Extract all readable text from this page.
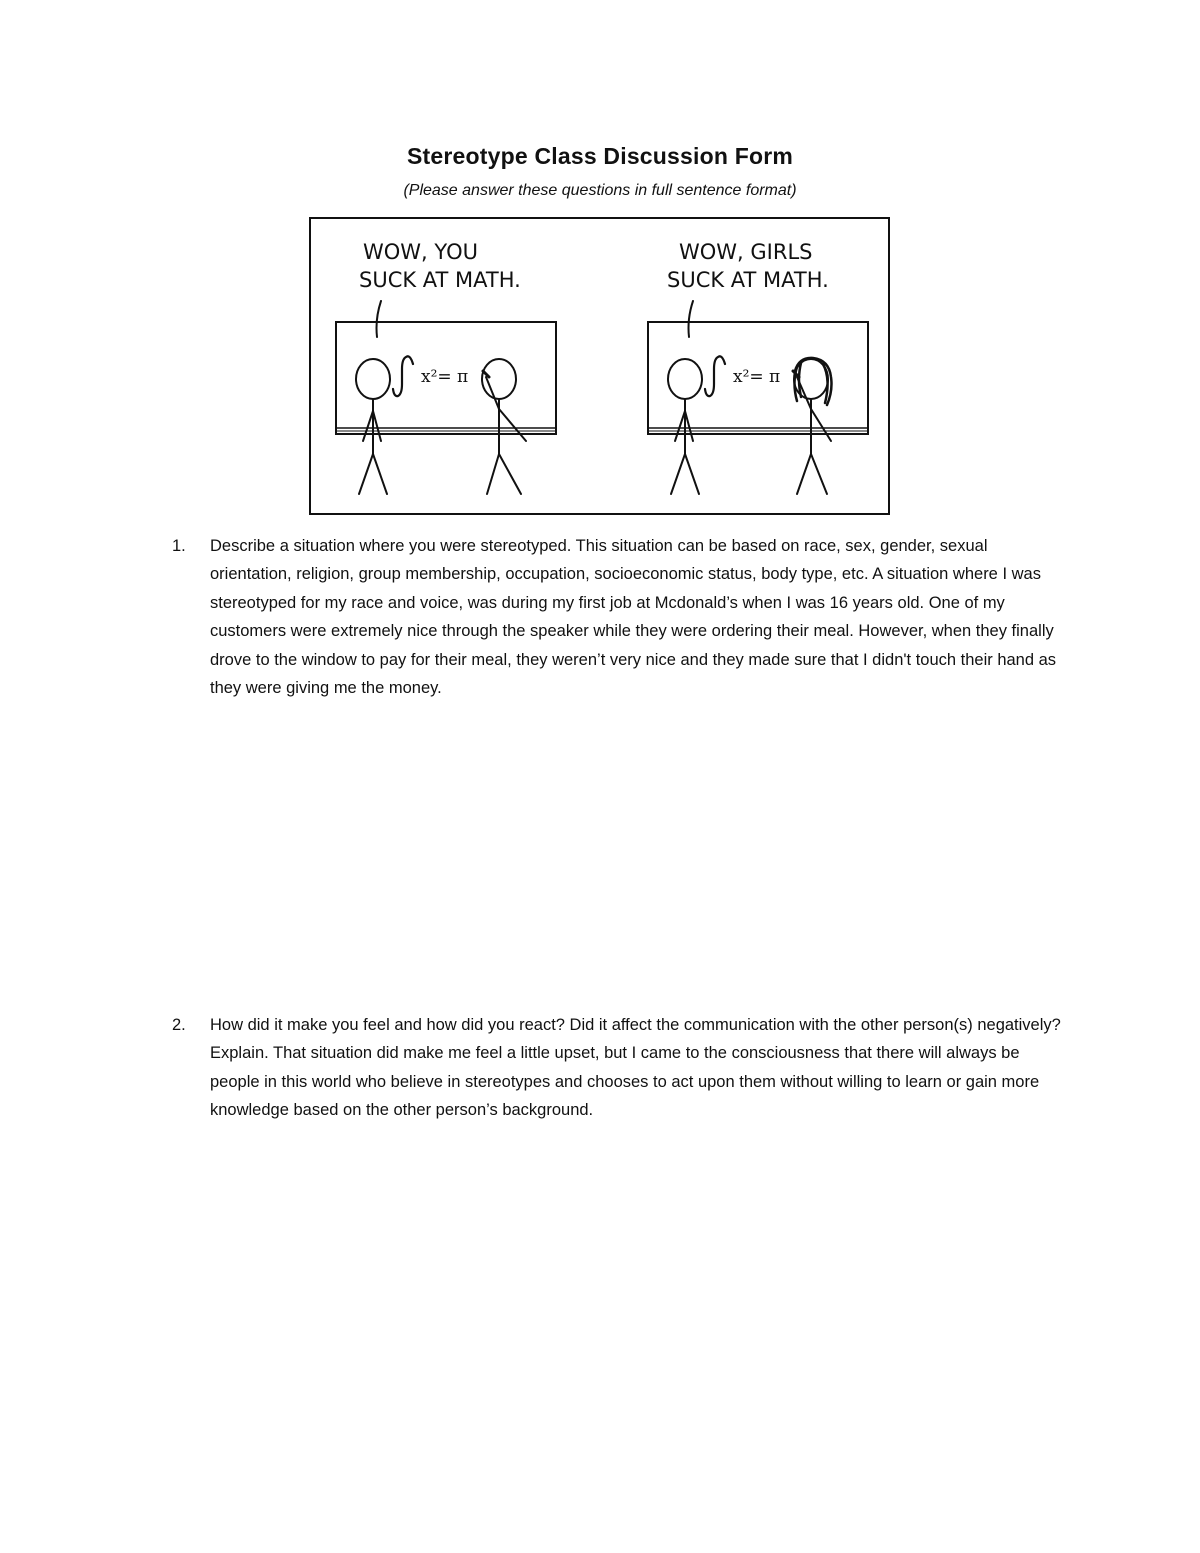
Stereotype Class Discussion Form
(Please answer these questions in full sentence format)
WOW, YOU
SUCK AT MATH.
WOW, GIRLS
SUCK AT MATH.
x²= π	x²= π
1. Describe a situation where you were stereotyped. This situation can be based on race, sex, gender, sexual orientation, religion, group membership, occupation, socioeconomic status, body type, etc. A situation where I was stereotyped for my race and voice, was during my first job at Mcdonald’s when I was 16 years old. One of my customers were extremely nice through the speaker while they were ordering their meal. However, when they finally drove to the window to pay for their meal, they weren’t very nice and they made sure that I didn't touch their hand as they were giving me the money.
2. How did it make you feel and how did you react? Did it affect the communication with the other person(s) negatively? Explain. That situation did make me feel a little upset, but I came to the consciousness that there will always be people in this world who believe in stereotypes and chooses to act upon them without willing to learn or gain more knowledge based on the other person’s background.
